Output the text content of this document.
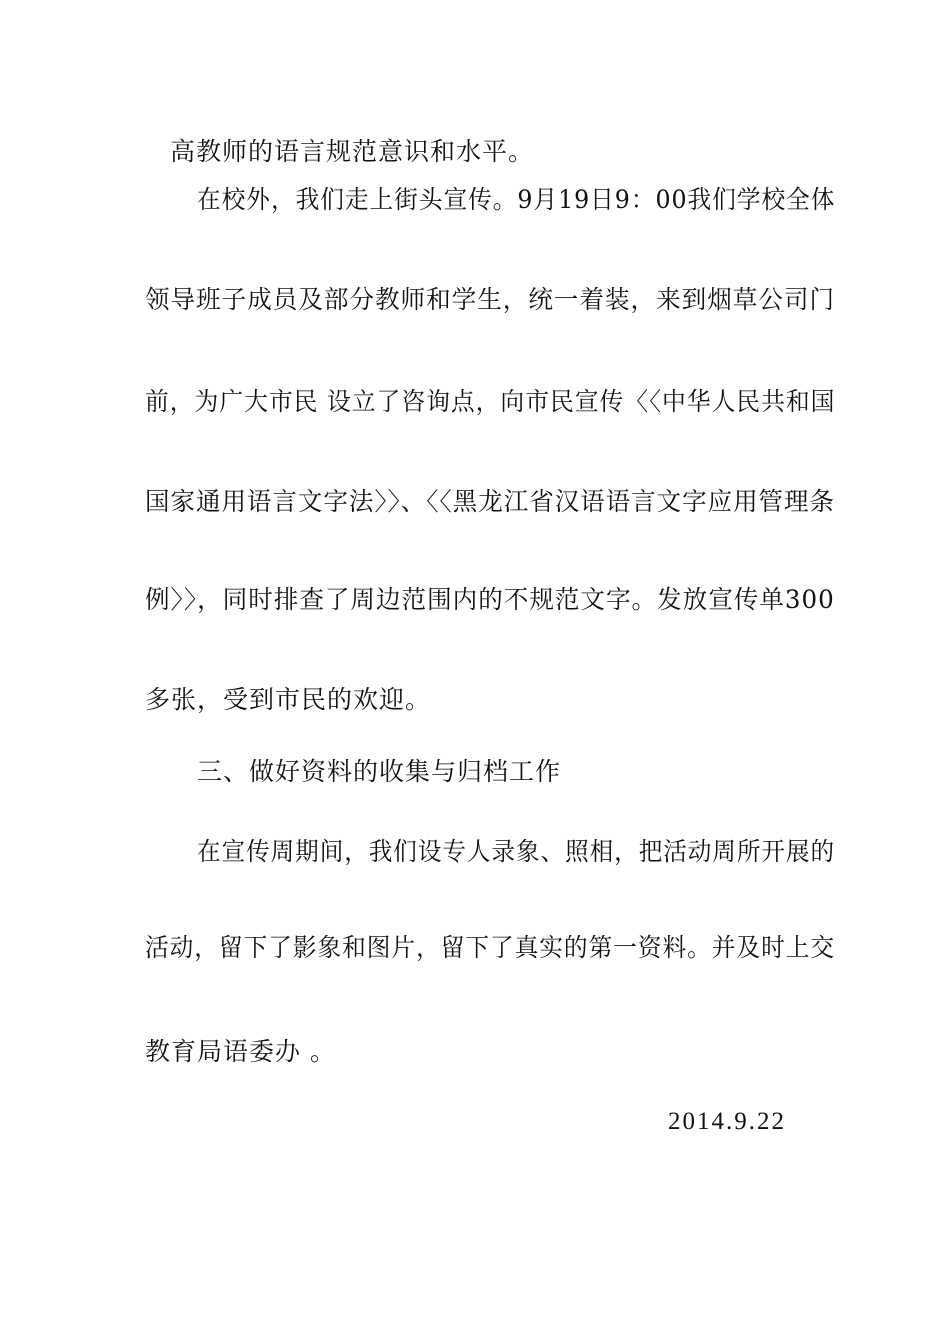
高教师的语言规范意识和水平。
在校外，我们走上街头宣传。9月19日9：00我们学校全体
领导班子成员及部分教师和学生，统一着装，来到烟草公司门
前，为广大市民 设立了咨询点，向市民宣传〈〈中华人民共和国
国家通用语言文字法〉〉、〈〈黑龙江省汉语语言文字应用管理条
例〉〉，同时排查了周边范围内的不规范文字。发放宣传单300
多张，受到市民的欢迎。
三、做好资料的收集与归档工作
在宣传周期间，我们设专人录象、照相，把活动周所开展的
活动，留下了影象和图片，留下了真实的第一资料。并及时上交
教育局语委办 。
2014.9.22
